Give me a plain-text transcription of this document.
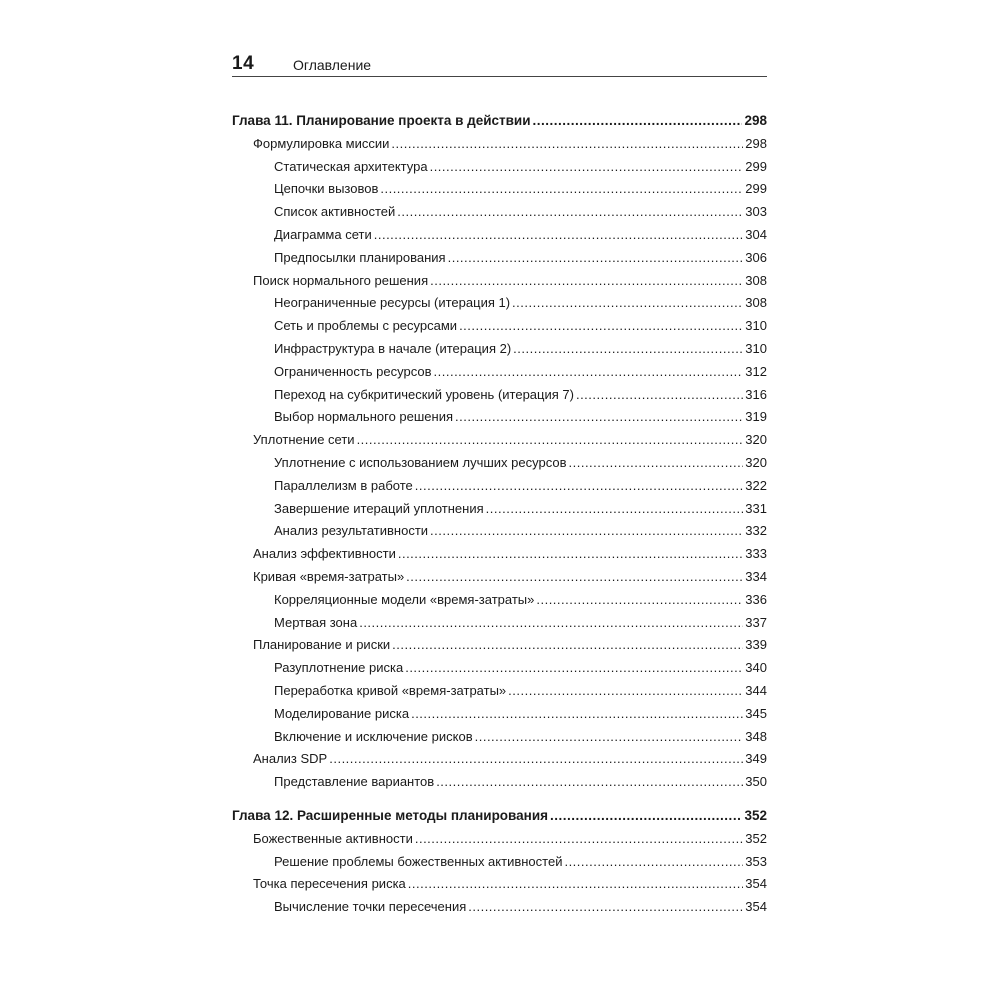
14	Оглавление
Глава 11. Планирование проекта в действии .....	298
Формулировка миссии .....	298
Статическая архитектура .....	299
Цепочки вызовов .....	299
Список активностей .....	303
Диаграмма сети .....	304
Предпосылки планирования .....	306
Поиск нормального решения .....	308
Неограниченные ресурсы (итерация 1) .....	308
Сеть и проблемы с ресурсами .....	310
Инфраструктура в начале (итерация 2) .....	310
Ограниченность ресурсов .....	312
Переход на субкритический уровень (итерация 7) .....	316
Выбор нормального решения .....	319
Уплотнение сети .....	320
Уплотнение с использованием лучших ресурсов .....	320
Параллелизм в работе .....	322
Завершение итераций уплотнения .....	331
Анализ результативности .....	332
Анализ эффективности .....	333
Кривая «время-затраты» .....	334
Корреляционные модели «время-затраты» .....	336
Мертвая зона .....	337
Планирование и риски .....	339
Разуплотнение риска .....	340
Переработка кривой «время-затраты» .....	344
Моделирование риска .....	345
Включение и исключение рисков .....	348
Анализ SDP .....	349
Представление вариантов .....	350
Глава 12. Расширенные методы планирования .....	352
Божественные активности .....	352
Решение проблемы божественных активностей .....	353
Точка пересечения риска .....	354
Вычисление точки пересечения .....	354
